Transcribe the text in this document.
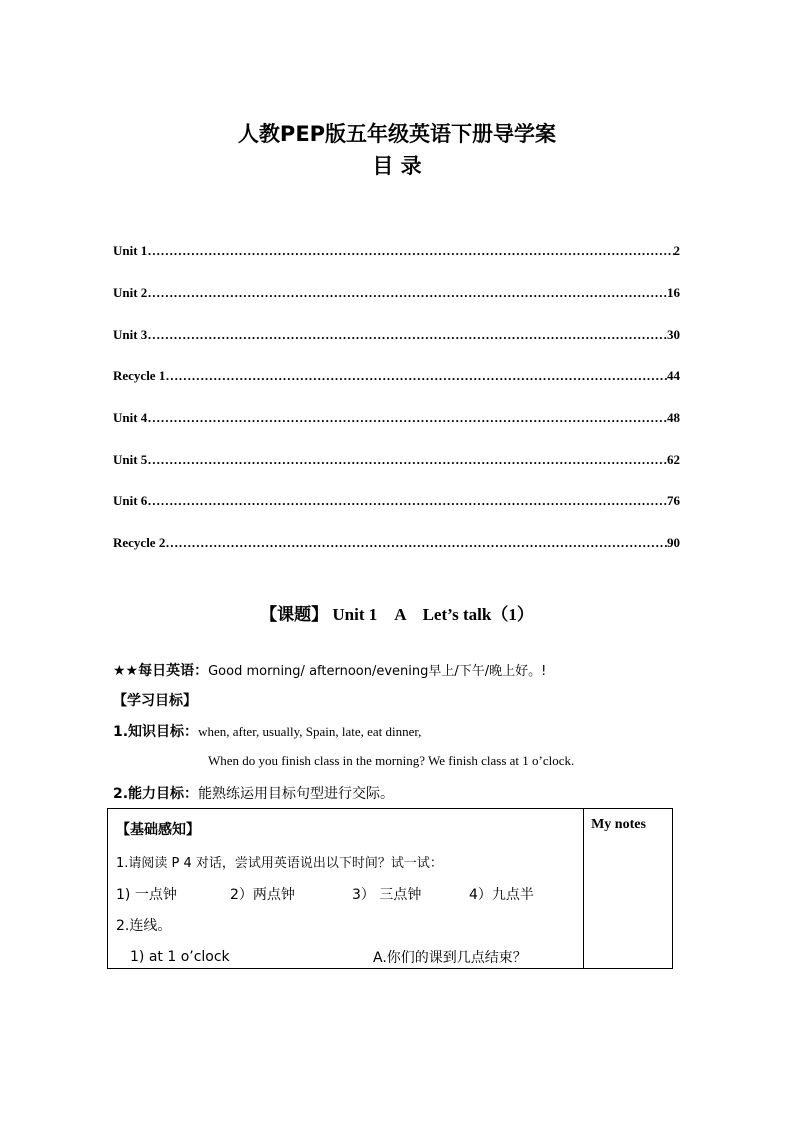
人教PEP版五年级英语下册导学案
目 录
Unit 1 ………………………………………………………………………………………………………………………………	2
Unit 2 ………………………………………………………………………………………………………………………………	16
Unit 3 ………………………………………………………………………………………………………………………………	30
Recycle 1 ………………………………………………………………………………………………………………………………	44
Unit 4 ………………………………………………………………………………………………………………………………	48
Unit 5 ………………………………………………………………………………………………………………………………	62
Unit 6 ………………………………………………………………………………………………………………………………	76
Recycle 2 ………………………………………………………………………………………………………………………………	90
【课题】 Unit 1　A　Let’s talk（1）
★★每日英语：Good morning/ afternoon/evening早上/下午/晚上好。!
【学习目标】
1.知识目标：when, after, usually, Spain, late, eat dinner,
When do you finish class in the morning? We finish class at 1 o’clock.
2.能力目标：能熟练运用目标句型进行交际。
【基础感知】
1.请阅读 P 4 对话，尝试用英语说出以下时间？试一试：
1) 一点钟	2）两点钟	3） 三点钟	4）九点半
2.连线。
1) at 1 o’clock	A.你们的课到几点结束？

My notes
